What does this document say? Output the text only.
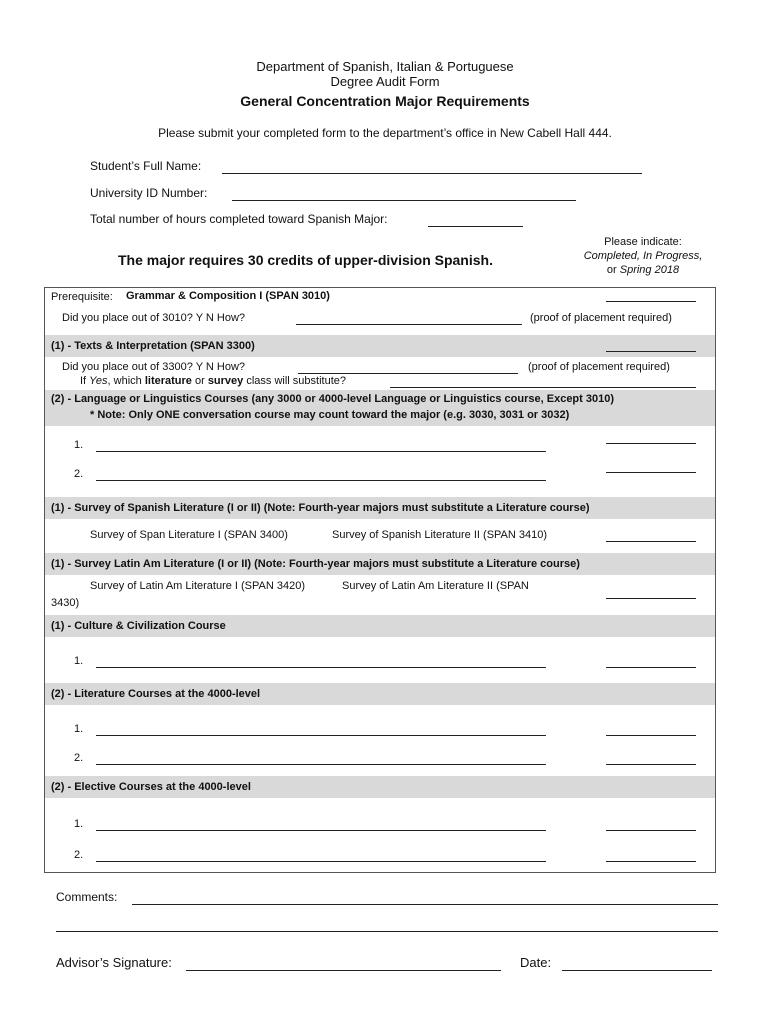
Department of Spanish, Italian & Portuguese
Degree Audit Form
General Concentration Major Requirements
Please submit your completed form to the department’s office in New Cabell Hall 444.
Student’s Full Name:
University ID Number:
Total number of hours completed toward Spanish Major:
The major requires 30 credits of upper-division Spanish.
Please indicate:
Completed, In Progress,
or Spring 2018
Prerequisite: Grammar & Composition I (SPAN 3010)
Did you place out of 3010? Y N How?	(proof of placement required)
(1) - Texts & Interpretation (SPAN 3300)
Did you place out of 3300? Y N How?	(proof of placement required)
If Yes, which literature or survey class will substitute?
(2) - Language or Linguistics Courses (any 3000 or 4000-level Language or Linguistics course, Except 3010)
* Note: Only ONE conversation course may count toward the major (e.g. 3030, 3031 or 3032)
1.
2.
(1) - Survey of Spanish Literature (I or II) (Note: Fourth-year majors must substitute a Literature course)
Survey of Span Literature I (SPAN 3400)	Survey of Spanish Literature II (SPAN 3410)
(1) - Survey Latin Am Literature (I or II) (Note: Fourth-year majors must substitute a Literature course)
Survey of Latin Am Literature I (SPAN 3420)	Survey of Latin Am Literature II (SPAN
3430)
(1) - Culture & Civilization Course
1.
(2) - Literature Courses at the 4000-level
1.
2.
(2) - Elective Courses at the 4000-level
1.
2.
Comments:
Advisor’s Signature:	Date:
